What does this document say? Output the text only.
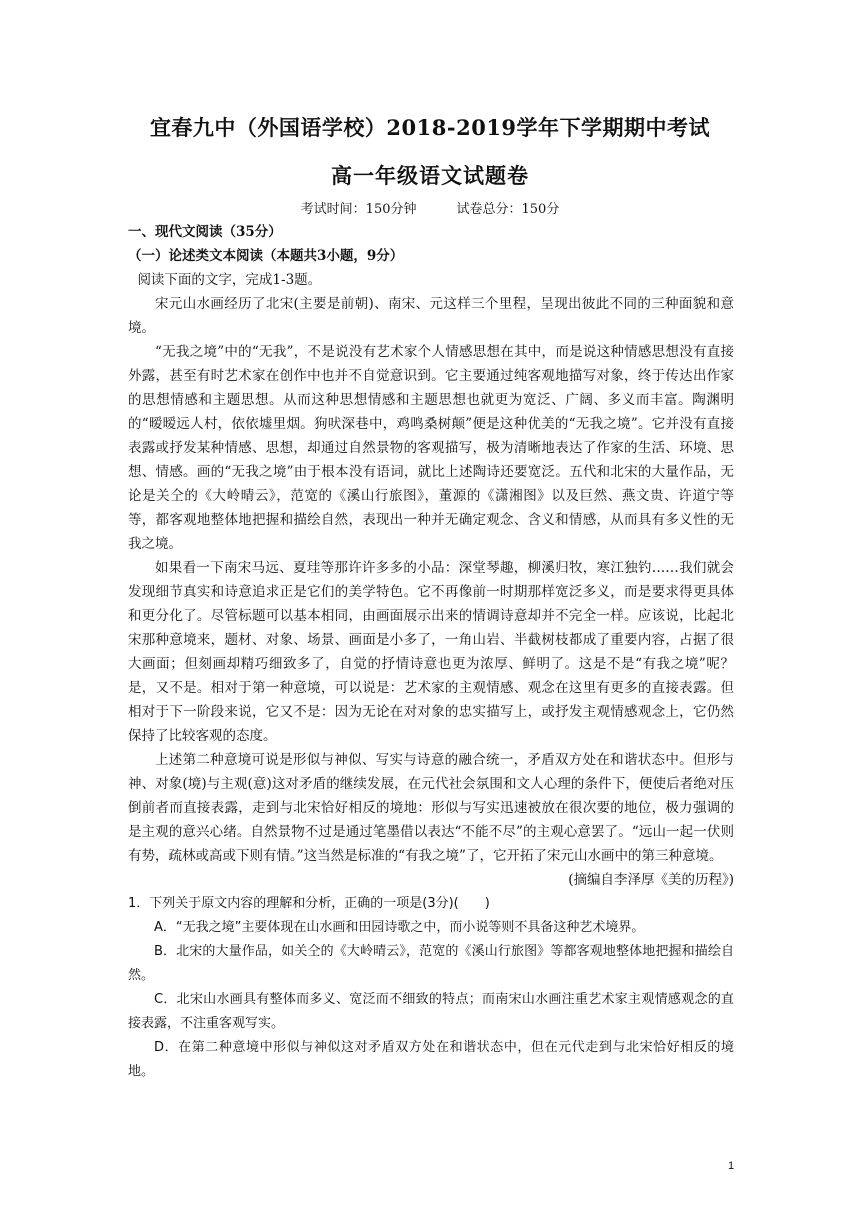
宜春九中（外国语学校）2018-2019学年下学期期中考试
高一年级语文试题卷
考试时间：150分钟	试卷总分：150分

一、现代文阅读（35分）

（一）论述类文本阅读（本题共3小题，9分）

阅读下面的文字，完成1-3题。

宋元山水画经历了北宋(主要是前朝)、南宋、元这样三个里程，呈现出彼此不同的三种面貌和意境。

“无我之境”中的“无我”，不是说没有艺术家个人情感思想在其中，而是说这种情感思想没有直接外露，甚至有时艺术家在创作中也并不自觉意识到。它主要通过纯客观地描写对象，终于传达出作家的思想情感和主题思想。从而这种思想情感和主题思想也就更为宽泛、广阔、多义而丰富。陶渊明的“暧暧远人村，依依墟里烟。狗吠深巷中，鸡鸣桑树颠”便是这种优美的“无我之境”。它并没有直接表露或抒发某种情感、思想，却通过自然景物的客观描写，极为清晰地表达了作家的生活、环境、思想、情感。画的“无我之境”由于根本没有语词，就比上述陶诗还要宽泛。五代和北宋的大量作品，无论是关仝的《大岭晴云》，范宽的《溪山行旅图》，董源的《潇湘图》以及巨然、燕文贵、许道宁等等，都客观地整体地把握和描绘自然，表现出一种并无确定观念、含义和情感，从而具有多义性的无我之境。

如果看一下南宋马远、夏珪等那许许多多的小品：深堂琴趣，柳溪归牧，寒江独钓……我们就会发现细节真实和诗意追求正是它们的美学特色。它不再像前一时期那样宽泛多义，而是要求得更具体和更分化了。尽管标题可以基本相同，由画面展示出来的情调诗意却并不完全一样。应该说，比起北宋那种意境来，题材、对象、场景、画面是小多了，一角山岩、半截树枝都成了重要内容，占据了很大画面；但刻画却精巧细致多了，自觉的抒情诗意也更为浓厚、鲜明了。这是不是“有我之境”呢？是，又不是。相对于第一种意境，可以说是：艺术家的主观情感、观念在这里有更多的直接表露。但相对于下一阶段来说，它又不是：因为无论在对对象的忠实描写上，或抒发主观情感观念上，它仍然保持了比较客观的态度。

上述第二种意境可说是形似与神似、写实与诗意的融合统一，矛盾双方处在和谐状态中。但形与神、对象(境)与主观(意)这对矛盾的继续发展，在元代社会氛围和文人心理的条件下，便使后者绝对压倒前者而直接表露，走到与北宋恰好相反的境地：形似与写实迅速被放在很次要的地位，极力强调的是主观的意兴心绪。自然景物不过是通过笔墨借以表达“不能不尽”的主观心意罢了。“远山一起一伏则有势，疏林或高或下则有情。”这当然是标准的“有我之境”了，它开拓了宋元山水画中的第三种意境。

(摘编自李泽厚《美的历程》)

1．下列关于原文内容的理解和分析，正确的一项是(3分)(　　)

A．“无我之境”主要体现在山水画和田园诗歌之中，而小说等则不具备这种艺术境界。

B．北宋的大量作品，如关仝的《大岭晴云》，范宽的《溪山行旅图》等都客观地整体地把握和描绘自然。

C．北宋山水画具有整体而多义、宽泛而不细致的特点；而南宋山水画注重艺术家主观情感观念的直接表露，不注重客观写实。

D．在第二种意境中形似与神似这对矛盾双方处在和谐状态中，但在元代走到与北宋恰好相反的境地。

1
